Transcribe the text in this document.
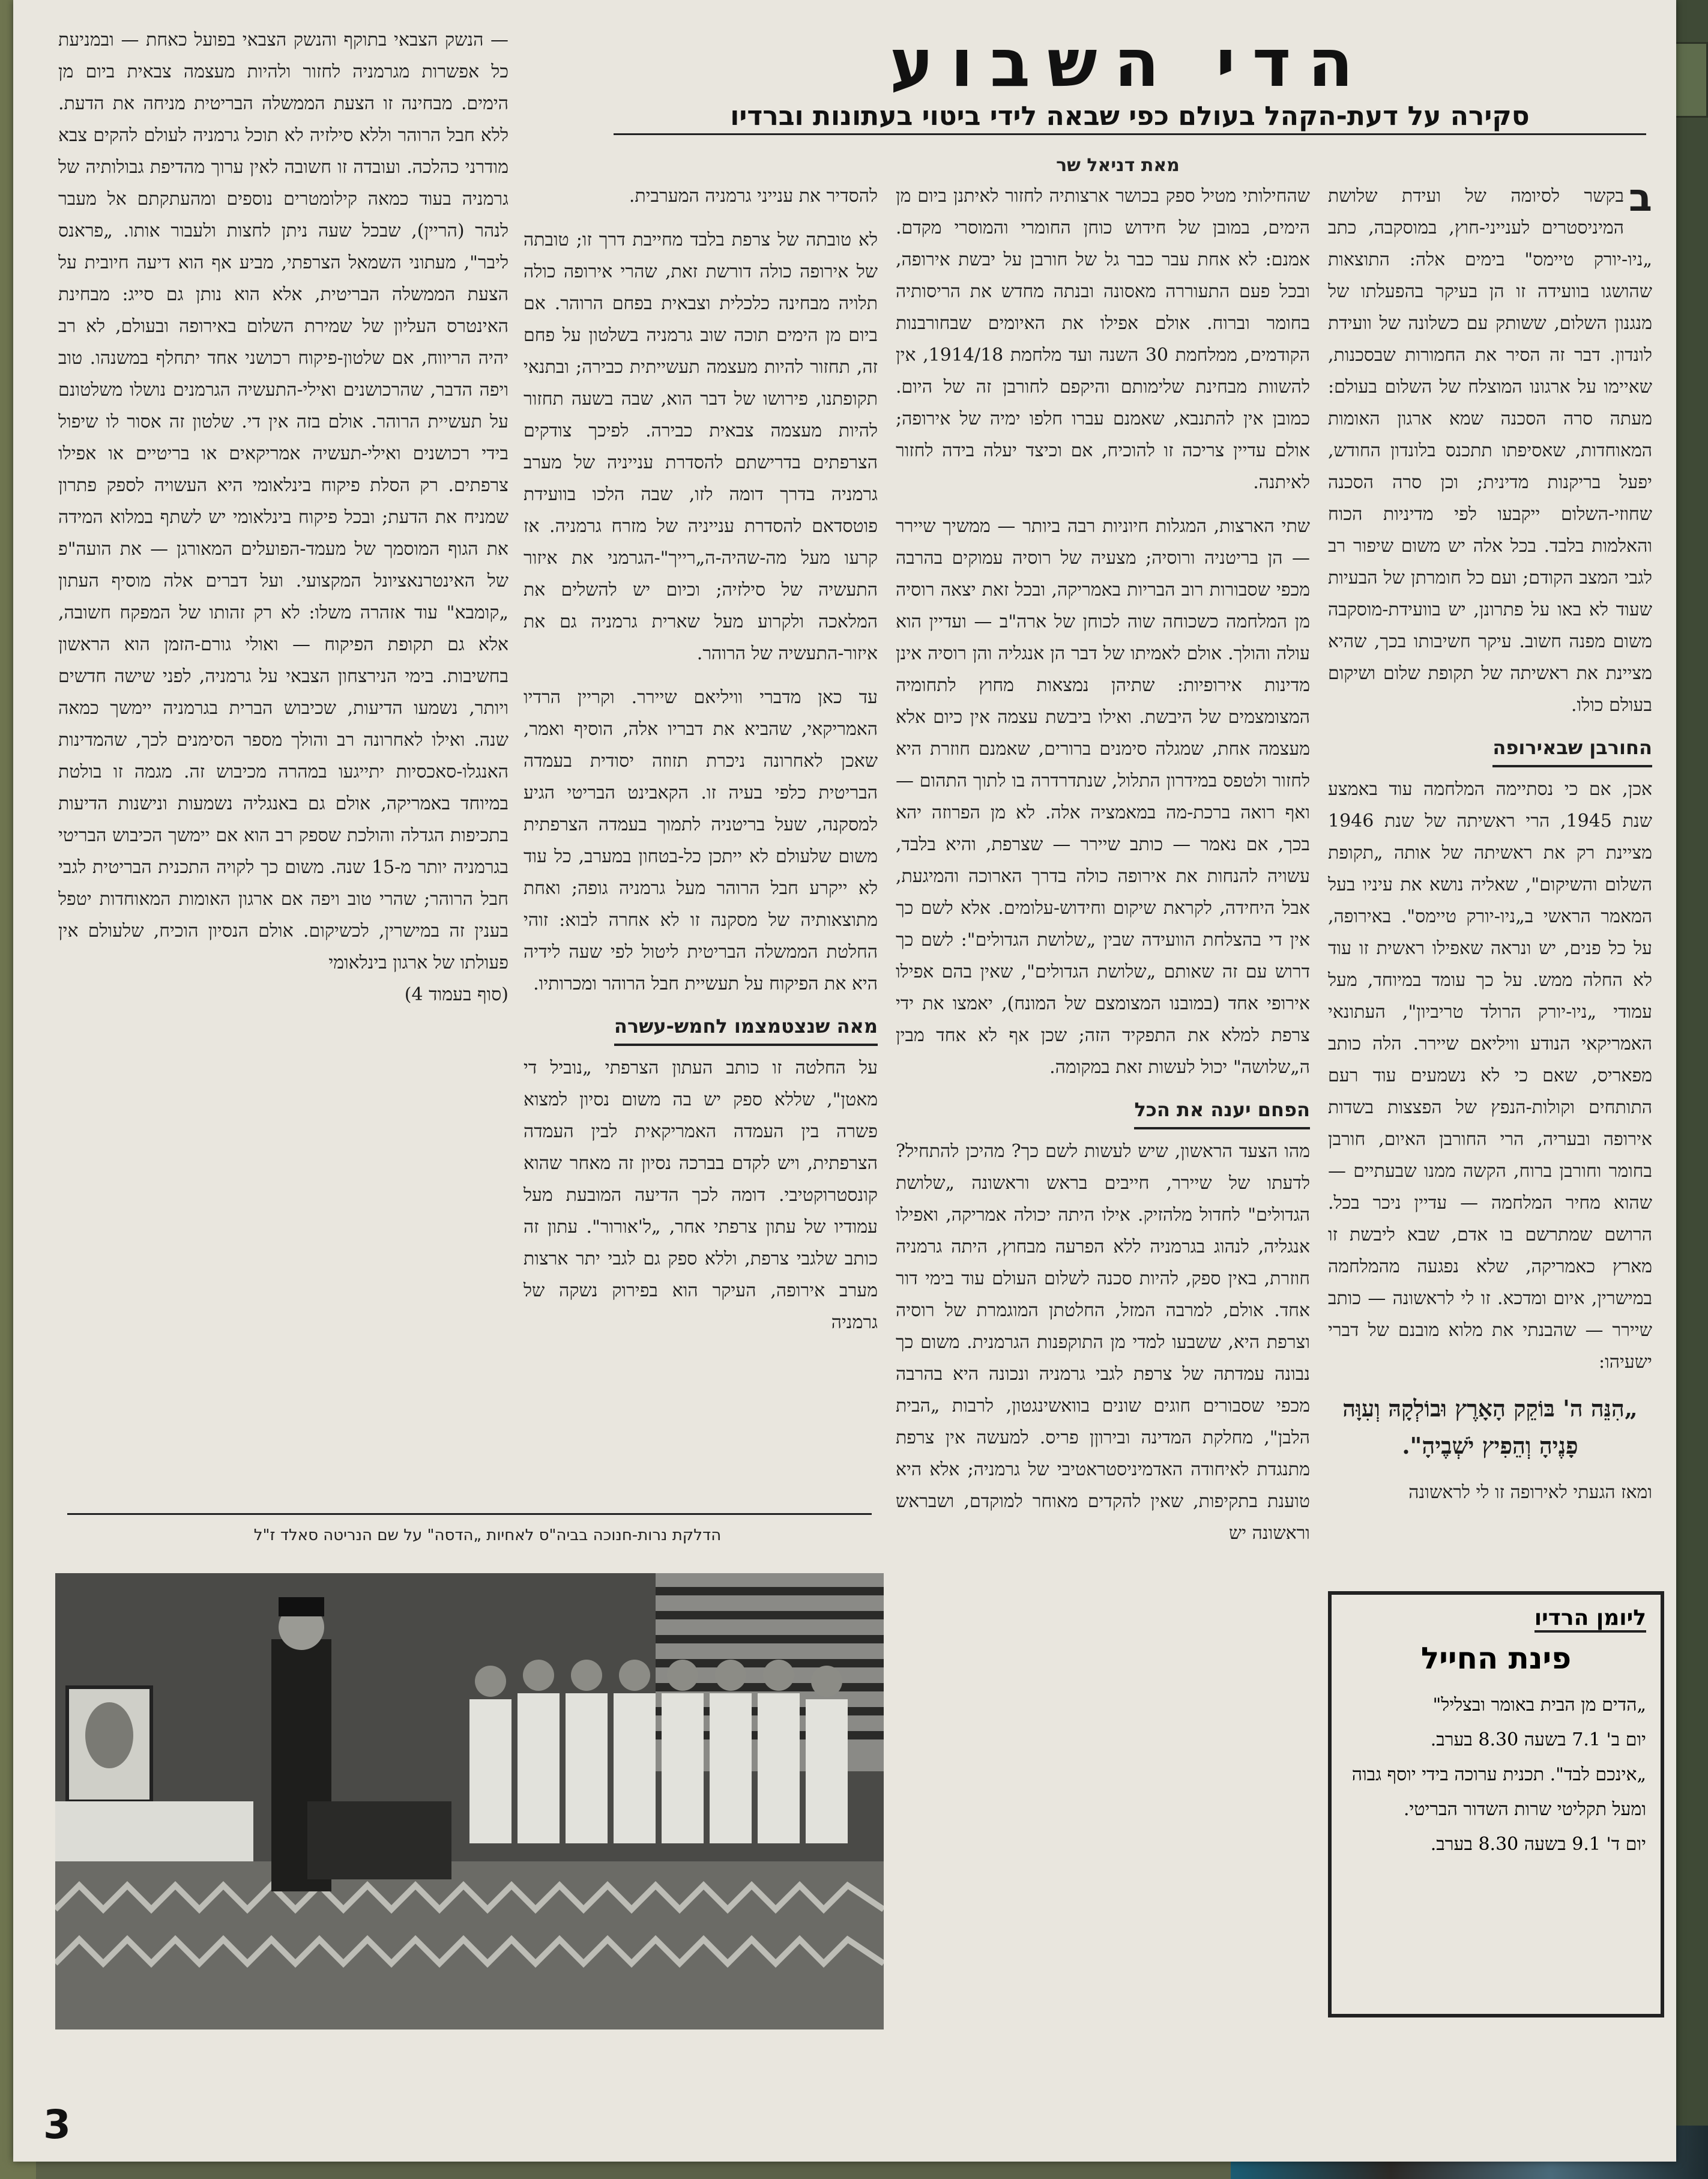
הדי השבוע
סקירה על דעת-הקהל בעולם כפי שבאה לידי ביטוי בעתונות וברדיו
מאת דניאל שר

ב
בקשר לסיומה של ועידת שלושת המיניסטרים לענייני-חוץ, במוסקבה, כתב „ניו-יורק טיימס" בימים אלה: התוצאות שהושגו בוועידה זו הן בעיקר בהפעלתו של מנגנון השלום, ששותק עם כשלונה של וועידת לונדון. דבר זה הסיר את החמורות שבסכנות, שאיימו על ארגונו המוצלח של השלום בעולם: מעתה סרה הסכנה שמא ארגון האומות המאוחדות, שאסיפתו תתכנס בלונדון החודש, יפעל בריקנות מדינית; וכן סרה הסכנה שחוזי-השלום ייקבעו לפי מדיניות הכוח והאלמות בלבד. בכל אלה יש משום שיפור רב לגבי המצב הקודם; ועם כל חומרתן של הבעיות שעוד לא באו על פתרונן, יש בוועידת-מוסקבה משום מפנה חשוב. עיקר חשיבותו בכך, שהיא מציינת את ראשיתה של תקופת שלום ושיקום בעולם כולו.

החורבן שבאירופה

אכן, אם כי נסתיימה המלחמה עוד באמצע שנת 1945, הרי ראשיתה של שנת 1946 מציינת רק את ראשיתה של אותה „תקופת השלום והשיקום", שאליה נושא את עיניו בעל המאמר הראשי ב„ניו-יורק טיימס". באירופה, על כל פנים, יש ונראה שאפילו ראשית זו עוד לא החלה ממש. על כך עומד במיוחד, מעל עמודי „ניו-יורק הרולד טריביון", העתונאי האמריקאי הנודע וויליאם שיירר. הלה כותב מפאריס, שאם כי לא נשמעים עוד רעם התותחים וקולות-הנפץ של הפצצות בשדות אירופה ובעריה, הרי החורבן האיום, חורבן בחומר וחורבן ברוח, הקשה ממנו שבעתיים — שהוא מחיר המלחמה — עדיין ניכר בכל. הרושם שמתרשם בו אדם, שבא ליבשת זו מארץ כאמריקה, שלא נפגעה מהמלחמה במישרין, איום ומדכא. זו לי לראשונה — כותב שיירר — שהבנתי את מלוא מובנם של דברי ישעיהו:

„הִנֵּה ה' בּוֹקֵק הָאָרֶץ וּבוֹלְקָהּ וְעִוָּה פָנֶיהָ וְהֵפִיץ יֹשְׁבֶיהָ".

ומאז הגעתי לאירופה זו לי לראשונה

שהחילותי מטיל ספק בכושר ארצותיה לחזור לאיתנן ביום מן הימים, במובן של חידוש כוחן החומרי והמוסרי מקדם. אמנם: לא אחת עבר כבר גל של חורבן על יבשת אירופה, ובכל פעם התעוררה מאסונה ובנתה מחדש את הריסותיה בחומר וברוח. אולם אפילו את האיומים שבחורבנות הקודמים, ממלחמת 30 השנה ועד מלחמת 1914/18, אין להשוות מבחינת שלימותם והיקפם לחורבן זה של היום. כמובן אין להתנבא, שאמנם עברו חלפו ימיה של אירופה; אולם עדיין צריכה זו להוכיח, אם וכיצד יעלה בידה לחזור לאיתנה.

שתי הארצות, המגלות חיוניות רבה ביותר — ממשיך שיירר — הן בריטניה ורוסיה; מצעיה של רוסיה עמוקים בהרבה מכפי שסבורות רוב הבריות באמריקה, ובכל זאת יצאה רוסיה מן המלחמה כשכוחה שוה לכוחן של ארה"ב — ועדיין הוא עולה והולך. אולם לאמיתו של דבר הן אנגליה והן רוסיה אינן מדינות אירופיות: שתיהן נמצאות מחוץ לתחומיה המצומצמים של היבשת. ואילו ביבשת עצמה אין כיום אלא מעצמה אחת, שמגלה סימנים ברורים, שאמנם חוזרת היא לחזור ולטפס במידרון התלול, שנתדרדרה בו לתוך התהום — ואף רואה ברכת-מה במאמציה אלה. לא מן הפרוזה יהא בכך, אם נאמר — כותב שיירר — שצרפת, והיא בלבד, עשויה להנחות את אירופה כולה בדרך הארוכה והמיגעת, אבל היחידה, לקראת שיקום וחידוש-עלומים. אלא לשם כך אין די בהצלחת הוועידה שבין „שלושת הגדולים": לשם כך דרוש עם זה שאותם „שלושת הגדולים", שאין בהם אפילו אירופי אחד (במובנו המצומצם של המונח), יאמצו את ידי צרפת למלא את התפקיד הזה; שכן אף לא אחד מבין ה„שלושה" יכול לעשות זאת במקומה.

הפחם יענה את הכל

מהו הצעד הראשון, שיש לעשות לשם כך? מהיכן להתחיל? לדעתו של שיירר, חייבים בראש וראשונה „שלושת הגדולים" לחדול מלהזיק. אילו היתה יכולה אמריקה, ואפילו אנגליה, לנהוג בגרמניה ללא הפרעה מבחוץ, היתה גרמניה חוזרת, באין ספק, להיות סכנה לשלום העולם עוד בימי דור אחד. אולם, למרבה המזל, החלטתן המוגמרת של רוסיה וצרפת היא, ששבעו למדי מן התוקפנות הגרמנית. משום כך נבונה עמדתה של צרפת לגבי גרמניה ונכונה היא בהרבה מכפי שסבורים חוגים שונים בוואשינגטון, לרבות „הבית הלבן", מחלקת המדינה ובירוןן פריס. למעשה אין צרפת מתנגדת לאיחודה האדמיניסטראטיבי של גרמניה; אלא היא טוענת בתקיפות, שאין להקדים מאוחר למוקדם, ושבראש וראשונה יש

להסדיר את ענייני גרמניה המערבית.

לא טובתה של צרפת בלבד מחייבת דרך זו; טובתה של אירופה כולה דורשת זאת, שהרי אירופה כולה תלויה מבחינה כלכלית וצבאית בפחם הרוהר. אם ביום מן הימים תוכה שוב גרמניה בשלטון על פחם זה, תחזור להיות מעצמה תעשייתית כבירה; ובתנאי תקופתנו, פירושו של דבר הוא, שבה בשעה תחזור להיות מעצמה צבאית כבירה. לפיכך צודקים הצרפתים בדרישתם להסדרת ענייניה של מערב גרמניה בדרך דומה לזו, שבה הלכו בוועידת פוטסדאם להסדרת ענייניה של מזרח גרמניה. אז קרעו מעל מה-שהיה-ה„רייך"-הגרמני את איזור התעשיה של סילזיה; וכיום יש להשלים את המלאכה ולקרוע מעל שארית גרמניה גם את איזור-התעשיה של הרוהר.

עד כאן מדברי וויליאם שיירר. וקריין הרדיו האמריקאי, שהביא את דבריו אלה, הוסיף ואמר, שאכן לאחרונה ניכרת תזוזה יסודית בעמדה הבריטית כלפי בעיה זו. הקאבינט הבריטי הגיע למסקנה, שעל בריטניה לתמוך בעמדה הצרפתית משום שלעולם לא ייתכן כל-בטחון במערב, כל עוד לא ייקרע חבל הרוהר מעל גרמניה גופה; ואחת מתוצאותיה של מסקנה זו לא אחרה לבוא: זוהי החלטת הממשלה הבריטית ליטול לפי שעה לידיה היא את הפיקוח על תעשיית חבל הרוהר ומכרותיו.

מאה שנצטמצמו לחמש-עשרה

על החלטה זו כותב העתון הצרפתי „נוביל די מאטן", שללא ספק יש בה משום נסיון למצוא פשרה בין העמדה האמריקאית לבין העמדה הצרפתית, ויש לקדם בברכה נסיון זה מאחר שהוא קונסטרוקטיבי. דומה לכך הדיעה המובעת מעל עמודיו של עתון צרפתי אחר, „ל'אורור". עתון זה כותב שלגבי צרפת, וללא ספק גם לגבי יתר ארצות מערב אירופה, העיקר הוא בפירוק נשקה של גרמניה

— הנשק הצבאי בתוקף והנשק הצבאי בפועל כאחת — ובמניעת כל אפשרות מגרמניה לחזור ולהיות מעצמה צבאית ביום מן הימים. מבחינה זו הצעת הממשלה הבריטית מניחה את הדעת. ללא חבל הרוהר וללא סילזיה לא תוכל גרמניה לעולם להקים צבא מודרני כהלכה. ועובדה זו חשובה לאין ערוך מהדיפת גבולותיה של גרמניה בעוד כמאה קילומטרים נוספים ומהעתקתם אל מעבר לנהר (הריין), שבכל שעה ניתן לחצות ולעבור אותו. „פראנס ליבר", מעתוני השמאל הצרפתי, מביע אף הוא דיעה חיובית על הצעת הממשלה הבריטית, אלא הוא נותן גם סייג: מבחינת האינטרס העליון של שמירת השלום באירופה ובעולם, לא רב יהיה הריווח, אם שלטון-פיקוח רכושני אחד יתחלף במשנהו. טוב ויפה הדבר, שהרכושנים ואילי-התעשיה הגרמנים נושלו משלטונם על תעשיית הרוהר. אולם בזה אין די. שלטון זה אסור לו שיפול בידי רכושנים ואילי-תעשיה אמריקאים או בריטיים או אפילו צרפתים. רק הסלת פיקוח בינלאומי היא העשויה לספק פתרון שמניח את הדעת; ובכל פיקוח בינלאומי יש לשתף במלוא המידה את הגוף המוסמך של מעמד-הפועלים המאורגן — את הועה"פ של האינטרנאציונל המקצועי. ועל דברים אלה מוסיף העתון „קומבא" עוד אזהרה משלו: לא רק זהותו של המפקח חשובה, אלא גם תקופת הפיקוח — ואולי גורם-הזמן הוא הראשון בחשיבות. בימי הנירצחון הצבאי על גרמניה, לפני שישה חדשים ויותר, נשמעו הדיעות, שכיבוש הברית בגרמניה יימשך כמאה שנה. ואילו לאחרונה רב והולך מספר הסימנים לכך, שהמדינות האנגלו-סאכסיות יתייגעו במהרה מכיבוש זה. מגמה זו בולטת במיוחד באמריקה, אולם גם באנגליה נשמעות ונישנות הדיעות בתכיפות הגדלה והולכת שספק רב הוא אם יימשך הכיבוש הבריטי בגרמניה יותר מ-15 שנה. משום כך לקויה התכנית הבריטית לגבי חבל הרוהר; שהרי טוב ויפה אם ארגון האומות המאוחדות יטפל בענין זה במישרין, לכשיקום. אולם הנסיון הוכיח, שלעולם אין פעולתו של ארגון בינלאומי

(סוף בעמוד 4)

הדלקת נרות-חנוכה בביה"ס לאחיות „הדסה" על שם הנריטה סאלד ז"ל
ליומן הרדיו
פינת החייל

„הדים מן הבית באומר ובצליל"

יום ב' 7.1 בשעה 8.30 בערב.

„אינכם לבד". תכנית ערוכה בידי יוסף גבוה ומעל תקליטי שרות השדור הבריטי.

יום ד' 9.1 בשעה 8.30 בערב.

3
